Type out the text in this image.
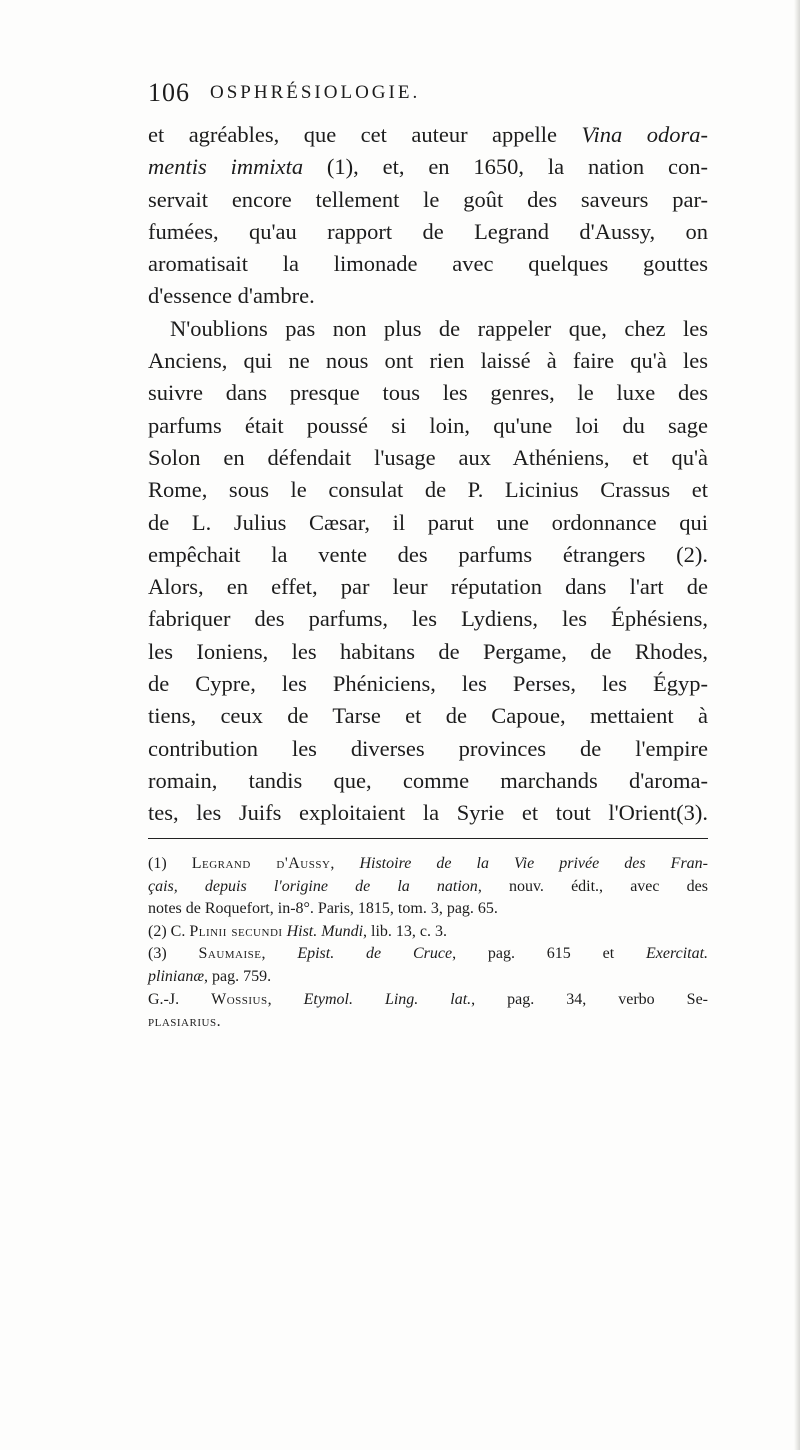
106 OSPHRÉSIOLOGIE.
et agréables, que cet auteur appelle Vina odora-
mentis immixta (1), et, en 1650, la nation con-
servait encore tellement le goût des saveurs par-
fumées, qu'au rapport de Legrand d'Aussy, on
aromatisait la limonade avec quelques gouttes
d'essence d'ambre.
N'oublions pas non plus de rappeler que, chez les
Anciens, qui ne nous ont rien laissé à faire qu'à les
suivre dans presque tous les genres, le luxe des
parfums était poussé si loin, qu'une loi du sage
Solon en défendait l'usage aux Athéniens, et qu'à
Rome, sous le consulat de P. Licinius Crassus et
de L. Julius Cæsar, il parut une ordonnance qui
empêchait la vente des parfums étrangers (2).
Alors, en effet, par leur réputation dans l'art de
fabriquer des parfums, les Lydiens, les Éphésiens,
les Ioniens, les habitans de Pergame, de Rhodes,
de Cypre, les Phéniciens, les Perses, les Égyp-
tiens, ceux de Tarse et de Capoue, mettaient à
contribution les diverses provinces de l'empire
romain, tandis que, comme marchands d'aroma-
tes, les Juifs exploitaient la Syrie et tout l'Orient(3).
(1) Legrand d'Aussy, Histoire de la Vie privée des Fran-
çais, depuis l'origine de la nation, nouv. édit., avec des
notes de Roquefort, in-8°. Paris, 1815, tom. 3, pag. 65.
(2) C. Plinii secundi Hist. Mundi, lib. 13, c. 3.
(3) Saumaise, Epist. de Cruce, pag. 615 et Exercitat.
plinianæ, pag. 759.
G.-J. Wossius, Etymol. Ling. lat., pag. 34, verbo Se-
plasiarius.
